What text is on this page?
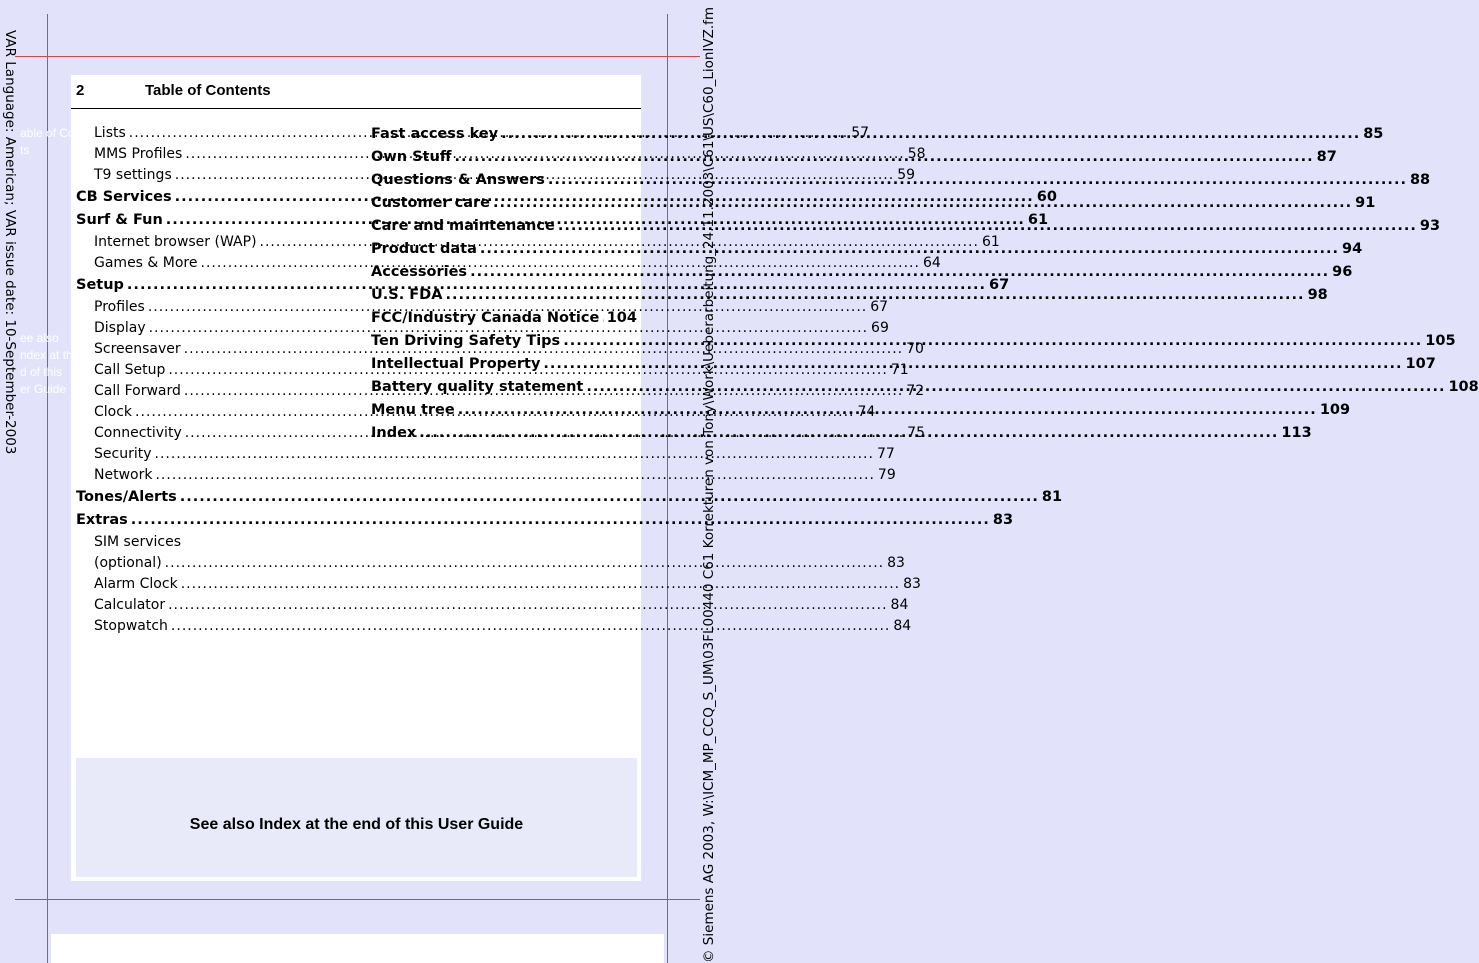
VAR Language: American; VAR issue date: 10-September-2003	© Siemens AG 2003, W:\ICM_MP_CCQ_S_UM\03FL00440 C61 Korrekturen von Tony\Work\Ueberarbeitung_24.11.2003\C61\US\C60_LionIVZ.fm
2	Table of Contents
Lists .....	57
MMS Profiles .....	58
T9 settings .....	59
CB Services .....	60
Surf & Fun .....	61
Internet browser (WAP) .....	61
Games & More .....	64
Setup .....	67
Profiles .....	67
Display .....	69
Screensaver .....	70
Call Setup .....	71
Call Forward .....	72
Clock .....	74
Connectivity .....	75
Security .....	77
Network .....	79
Tones/Alerts .....	81
Extras .....	83
SIM services
(optional) .....	83
Alarm Clock .....	83
Calculator .....	84
Stopwatch .....	84
Fast access key .....	85
Own Stuff .....	87
Questions & Answers .....	88
Customer care .....	91
Care and maintenance .....	93
Product data .....	94
Accessories .....	96
U.S. FDA .....	98
FCC/Industry Canada Notice ..... 104
Ten Driving Safety Tips .....	105
Intellectual Property .....	107
Battery quality statement .....	108
Menu tree .....	109
Index .....	113
See also Index at the end of this User Guide
able of Con-
ts
ee also
ndex at the
d of this
er Guide
